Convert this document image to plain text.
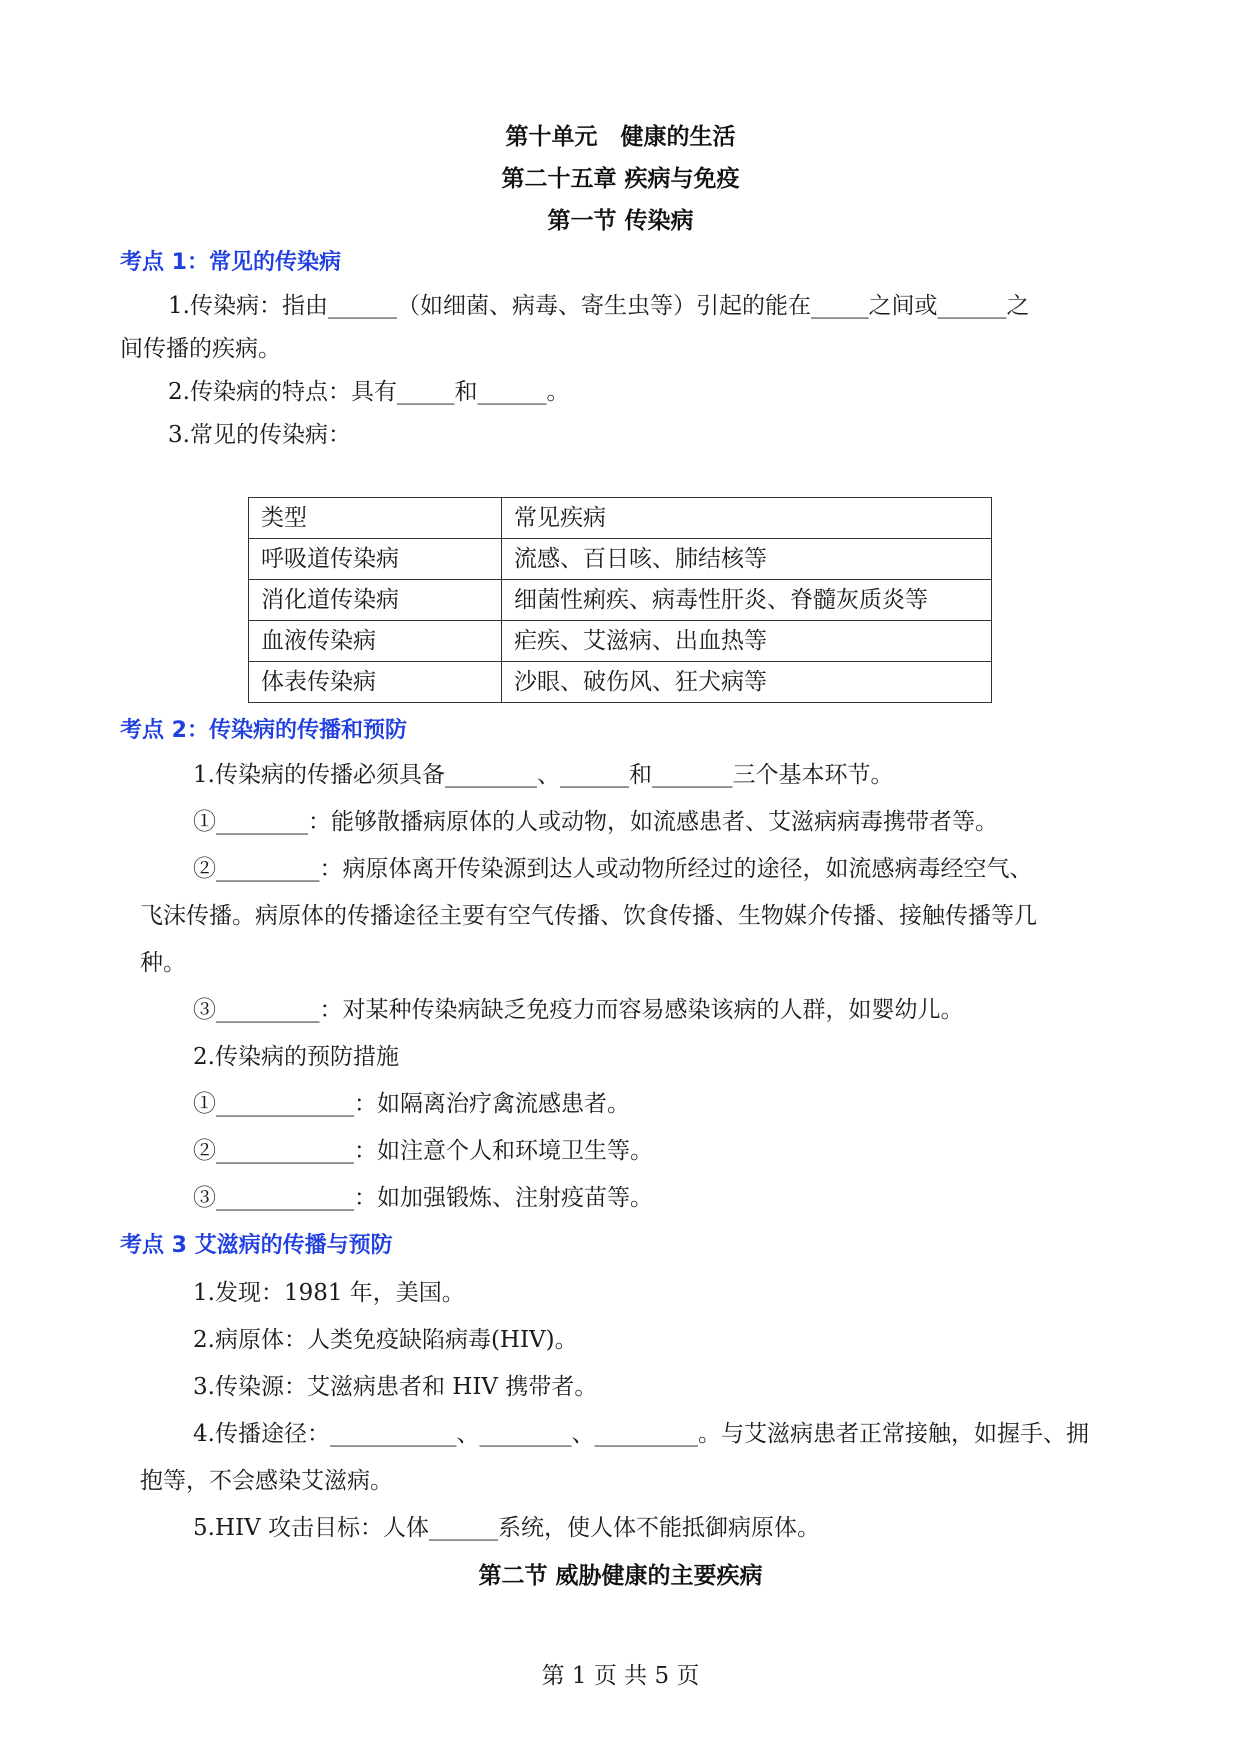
第十单元　健康的生活
第二十五章 疾病与免疫
第一节 传染病
考点 1：常见的传染病
1.传染病：指由______（如细菌、病毒、寄生虫等）引起的能在_____之间或______之
间传播的疾病。
2.传染病的特点：具有_____和______。
3.常见的传染病：
类型	常见疾病
呼吸道传染病	流感、百日咳、肺结核等
消化道传染病	细菌性痢疾、病毒性肝炎、脊髓灰质炎等
血液传染病	疟疾、艾滋病、出血热等
体表传染病	沙眼、破伤风、狂犬病等
考点 2：传染病的传播和预防
1.传染病的传播必须具备________、______和_______三个基本环节。
①________：能够散播病原体的人或动物，如流感患者、艾滋病病毒携带者等。
②_________：病原体离开传染源到达人或动物所经过的途径，如流感病毒经空气、
飞沫传播。病原体的传播途径主要有空气传播、饮食传播、生物媒介传播、接触传播等几
种。
③_________：对某种传染病缺乏免疫力而容易感染该病的人群，如婴幼儿。
2.传染病的预防措施
①____________：如隔离治疗禽流感患者。
②____________：如注意个人和环境卫生等。
③____________：如加强锻炼、注射疫苗等。
考点 3 艾滋病的传播与预防
1.发现：1981 年，美国。
2.病原体：人类免疫缺陷病毒(HIV)。
3.传染源：艾滋病患者和 HIV 携带者。
4.传播途径：___________、________、_________。与艾滋病患者正常接触，如握手、拥
抱等，不会感染艾滋病。
5.HIV 攻击目标：人体______系统，使人体不能抵御病原体。
第二节 威胁健康的主要疾病
第 1 页 共 5 页
